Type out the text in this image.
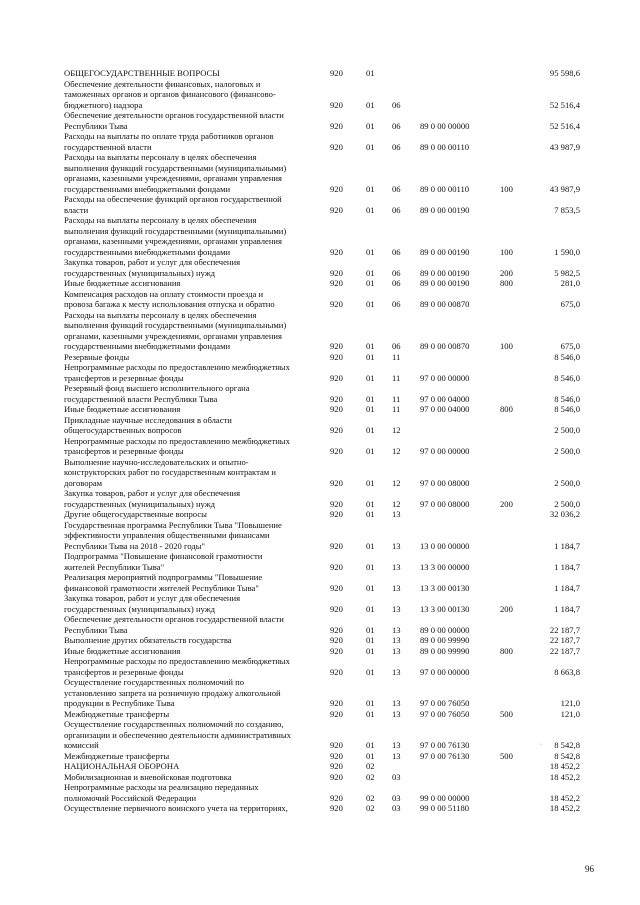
ОБЩЕГОСУДАРСТВЕННЫЕ ВОПРОСЫ	920	01	95 598,6
Обеспечение деятельности финансовых, налоговых и
таможенных органов и органов финансового (финансово-
бюджетного) надзора	920	01 06	52 516,4
Обеспечение деятельности органов государственной власти
Республики Тыва	920	01 06 89 0 00 00000	52 516,4
Расходы на выплаты по оплате труда работников органов
государственной власти	920	01 06 89 0 00 00110	43 987,9
Расходы на выплаты персоналу в целях обеспечения
выполнения функций государственными (муниципальными)
органами, казенными учреждениями, органами управления
государственными внебюджетными фондами	920	01 06 89 0 00 00110	100	43 987,9
Расходы на обеспечение функций органов государственной
власти	920	01 06 89 0 00 00190	7 853,5
Расходы на выплаты персоналу в целях обеспечения
выполнения функций государственными (муниципальными)
органами, казенными учреждениями, органами управления
государственными внебюджетными фондами	920	01 06 89 0 00 00190	100	1 590,0
Закупка товаров, работ и услуг для обеспечения
государственных (муниципальных) нужд	920	01 06 89 0 00 00190	200	5 982,5
Иные бюджетные ассигнования	920	01 06 89 0 00 00190	800	281,0
Компенсация расходов на оплату стоимости проезда и
провоза багажа к месту использования отпуска и обратно	920	01 06 89 0 00 00870	675,0
Расходы на выплаты персоналу в целях обеспечения
выполнения функций государственными (муниципальными)
органами, казенными учреждениями, органами управления
государственными внебюджетными фондами	920	01 06 89 0 00 00870	100	675,0
Резервные фонды	920	01 11	8 546,0
Непрограммные расходы по предоставлению межбюджетных
трансфертов и резервные фонды	920	01 11 97 0 00 00000	8 546,0
Резервный фонд высшего исполнительного органа
государственной власти Республики Тыва	920	01 11 97 0 00 04000	8 546,0
Иные бюджетные ассигнования	920	01 11 97 0 00 04000	800	8 546,0
Прикладные научные исследования в области
общегосударственных вопросов	920	01 12	2 500,0
Непрограммные расходы по предоставлению межбюджетных
трансфертов и резервные фонды	920	01 12 97 0 00 00000	2 500,0
Выполнение научно-исследовательских и опытно-
конструкторских работ по государственным контрактам и
договорам	920	01 12 97 0 00 08000	2 500,0
Закупка товаров, работ и услуг для обеспечения
государственных (муниципальных) нужд	920	01 12 97 0 00 08000	200	2 500,0
Другие общегосударственные вопросы	920	01 13	32 036,2
Государственная программа Республики Тыва "Повышение
эффективности управления общественными финансами
Республики Тыва на 2018 - 2020 годы"	920	01 13 13 0 00 00000	1 184,7
Подпрограмма "Повышение финансовой грамотности
жителей Республики Тыва"	920	01 13 13 3 00 00000	1 184,7
Реализация мероприятий подпрограммы "Повышение
финансовой грамотности жителей Республики Тыва"	920	01 13 13 3 00 00130	1 184,7
Закупка товаров, работ и услуг для обеспечения
государственных (муниципальных) нужд	920	01 13 13 3 00 00130	200	1 184,7
Обеспечение деятельности органов государственной власти
Республики Тыва	920	01 13 89 0 00 00000	22 187,7
Выполнение других обязательств государства	920	01 13 89 0 00 99990	22 187,7
Иные бюджетные ассигнования	920	01 13 89 0 00 99990	800	22 187,7
Непрограммные расходы по предоставлению межбюджетных
трансфертов и резервные фонды	920	01 13 97 0 00 00000	8 663,8
Осуществление государственных полномочий по
установлению запрета на розничную продажу алкогольной
продукции в Республике Тыва	920	01 13 97 0 00 76050	121,0
Межбюджетные трансферты	920	01 13 97 0 00 76050	500	121,0
Осуществление государственных полномочий по созданию,
организации и обеспечению деятельности административных
комиссий	920	01 13 97 0 00 76130	8 542,8
Межбюджетные трансферты	920	01 13 97 0 00 76130	500	8 542,8
НАЦИОНАЛЬНАЯ ОБОРОНА	920	02	18 452,2
Мобилизационная и вневойсковая подготовка	920	02 03	18 452,2
Непрограммные расходы на реализацию переданных
полномочий Российской Федерации	920	02 03 99 0 00 00000	18 452,2
Осуществление первичного воинского учета на территориях,	920	02 03 99 0 00 51180	18 452,2
·
96
